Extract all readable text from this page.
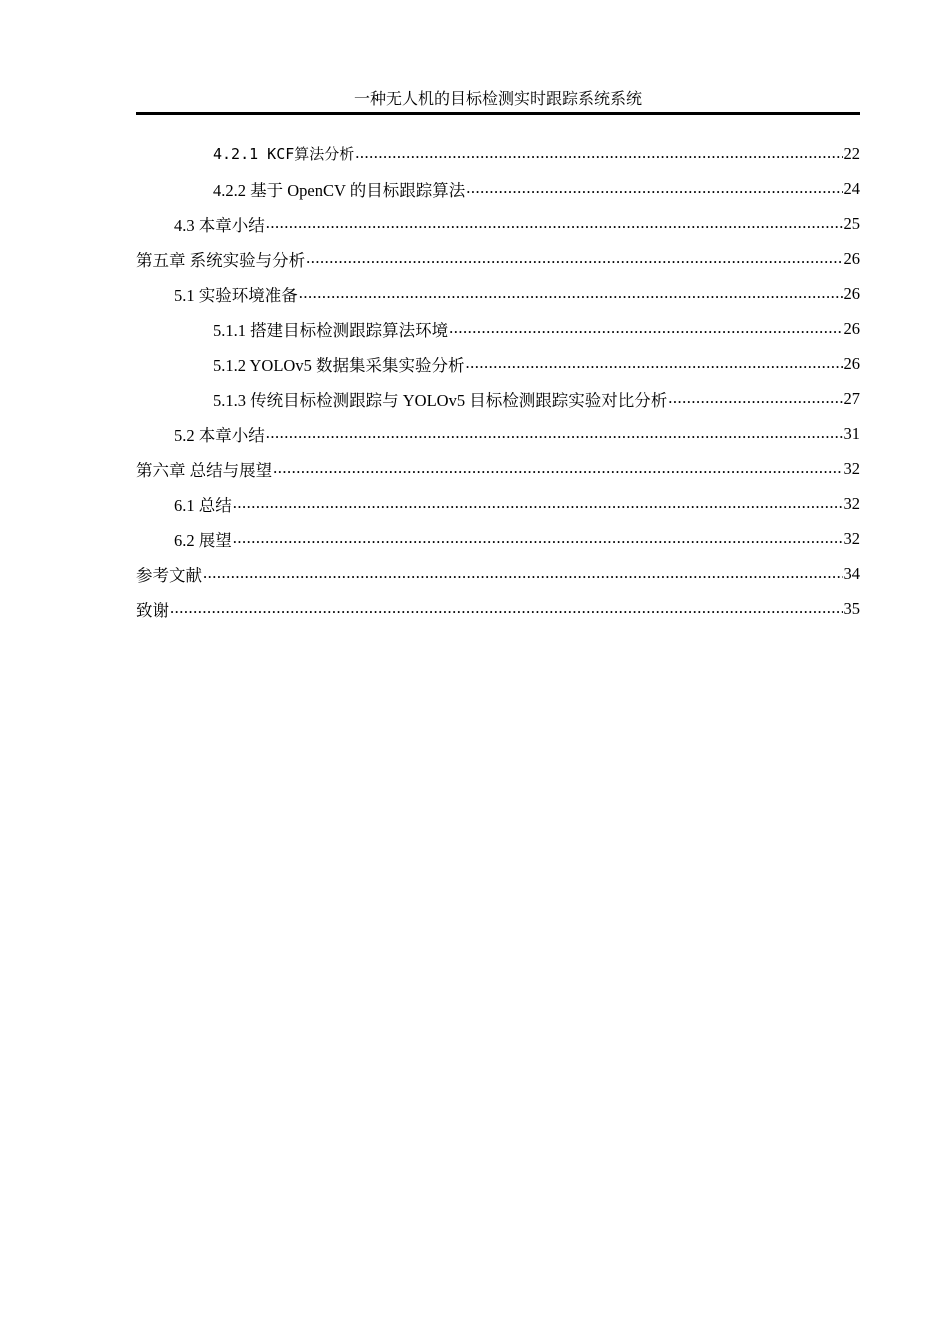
一种无人机的目标检测实时跟踪系统系统
4.2.1 KCF算法分析 .....	22
4.2.2 基于 OpenCV 的目标跟踪算法 .....	24
4.3 本章小结 .....	25
第五章 系统实验与分析 .....	26
5.1 实验环境准备 .....	26
5.1.1 搭建目标检测跟踪算法环境 .....	26
5.1.2 YOLOv5 数据集采集实验分析 .....	26
5.1.3 传统目标检测跟踪与 YOLOv5 目标检测跟踪实验对比分析 .....	27
5.2 本章小结 .....	31
第六章 总结与展望 .....	32
6.1 总结 .....	32
6.2 展望 .....	32
参考文献 .....	34
致谢 .....	35
